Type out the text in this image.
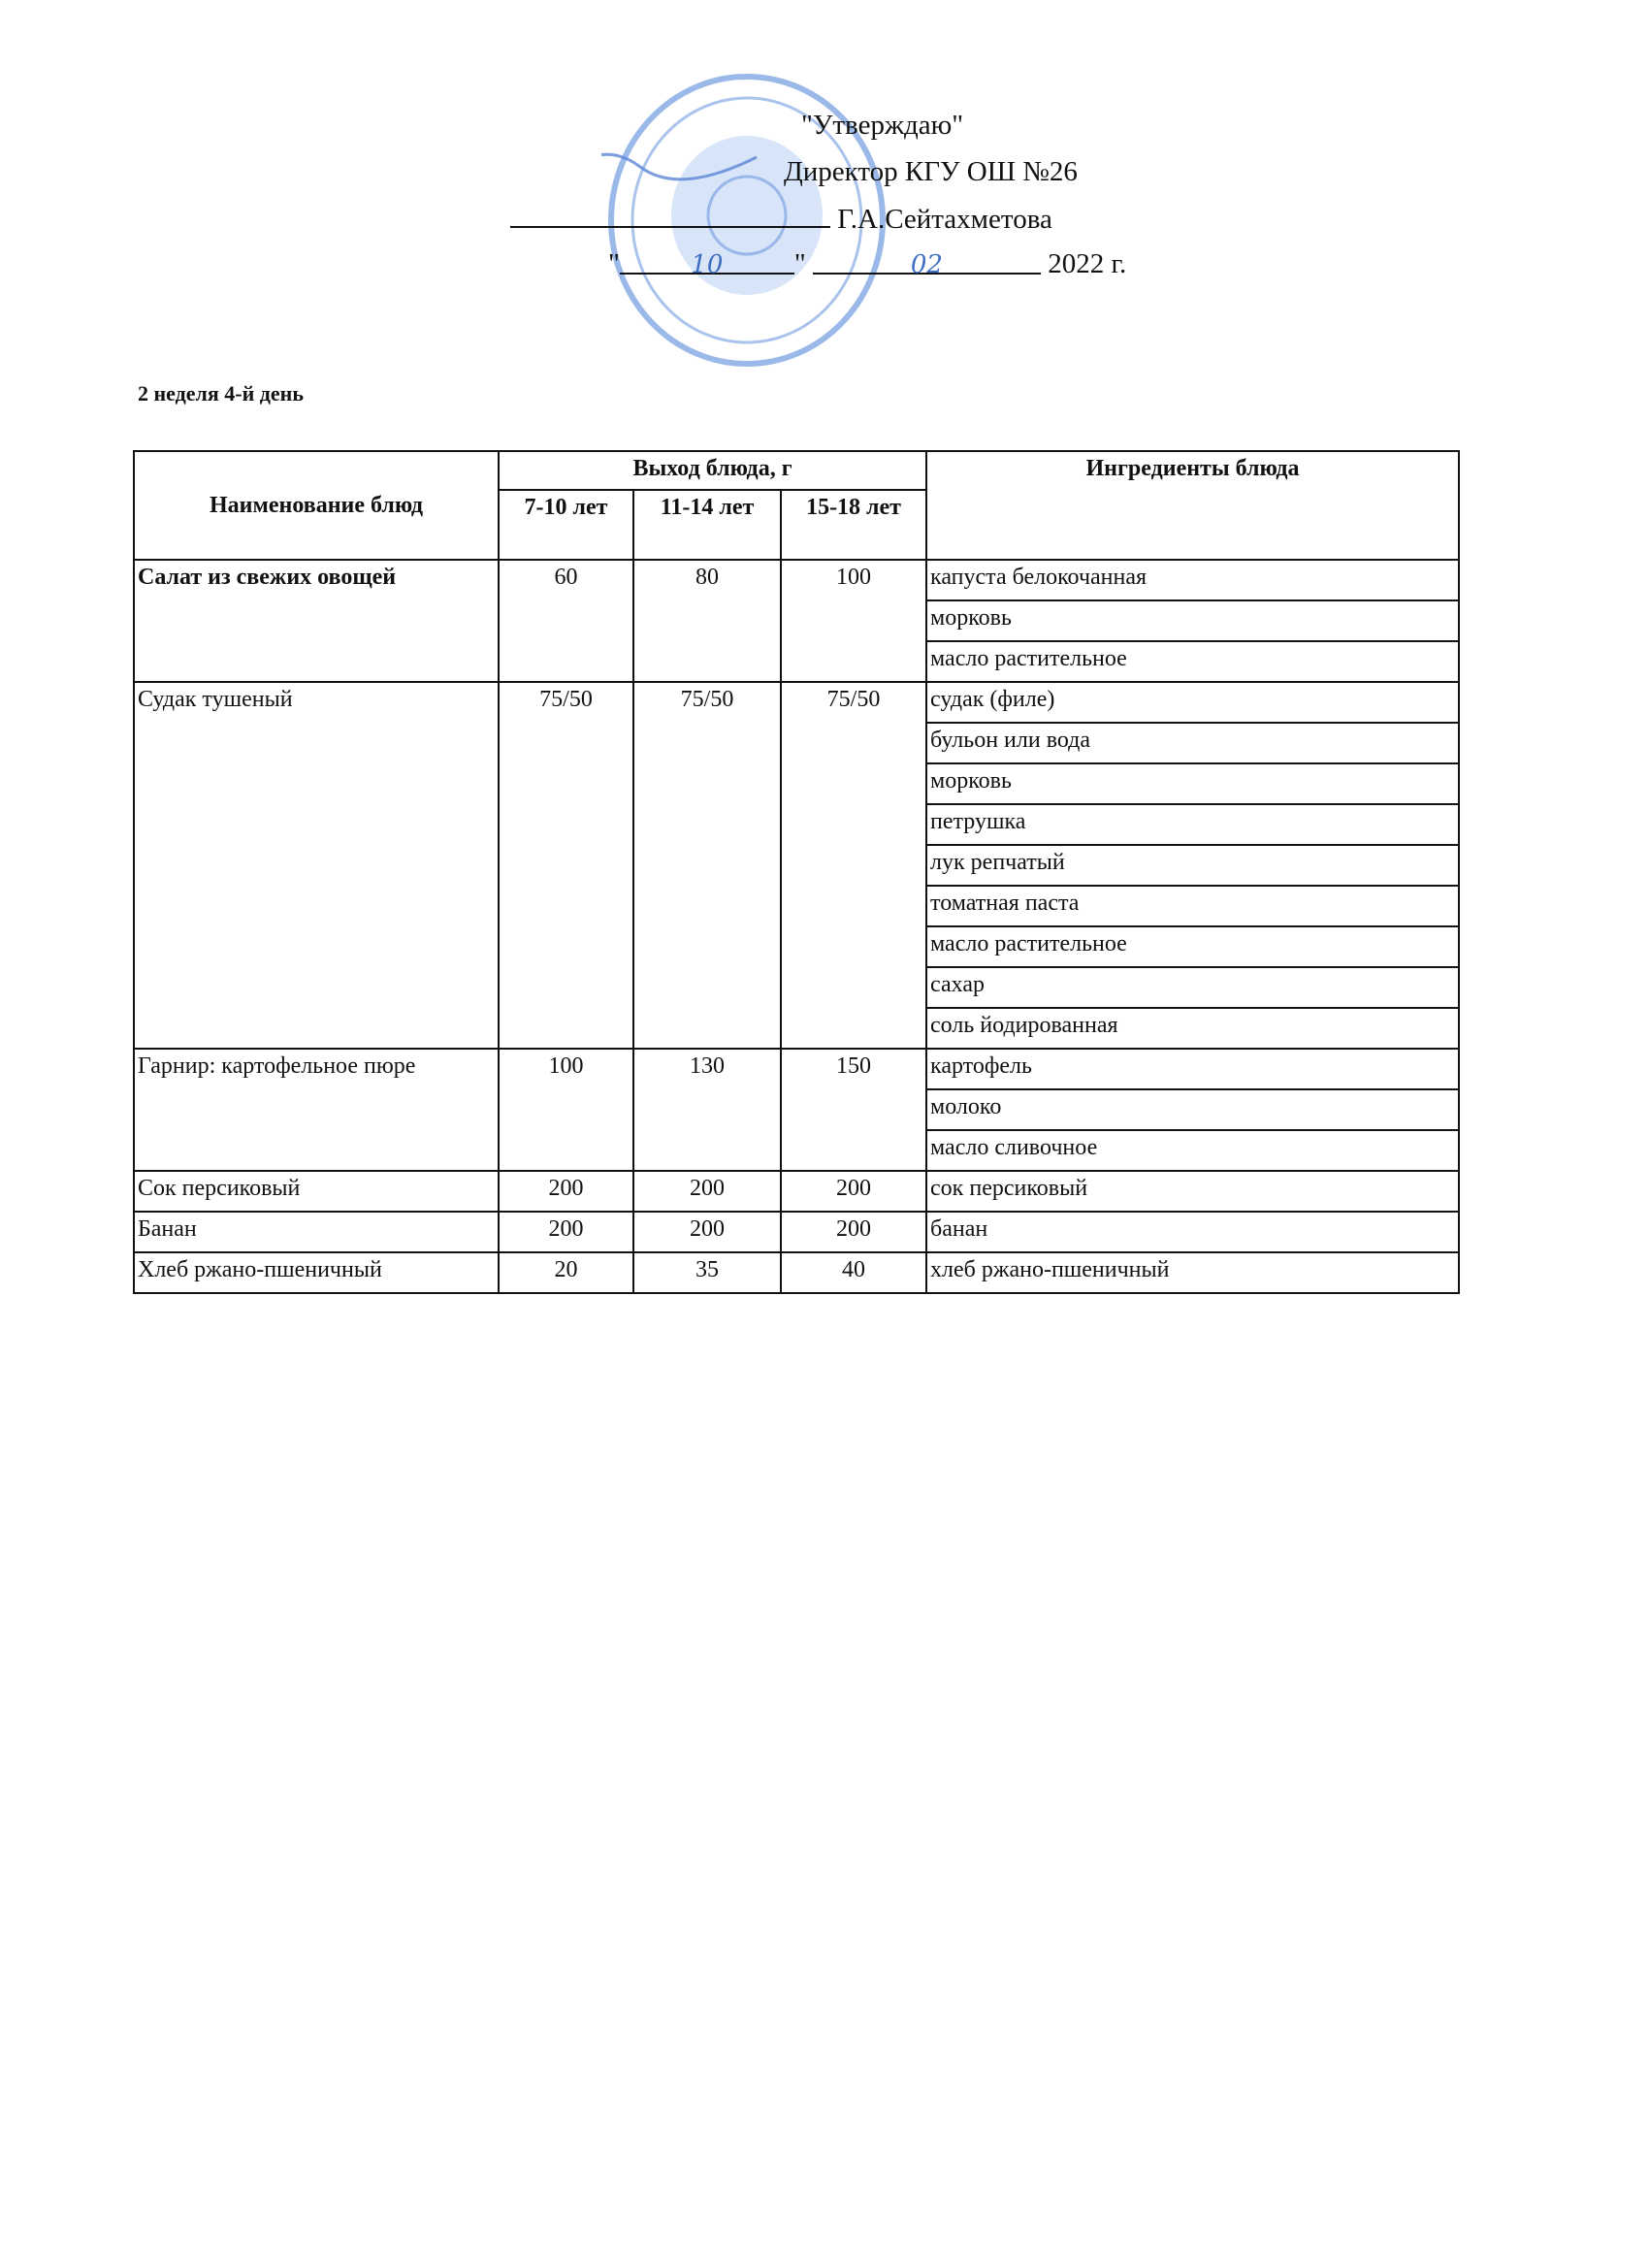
"Утверждаю"
Директор КГУ ОШ №26
Г.А.Сейтахметова
"	10	"	02	2022 г.
2 неделя 4-й день
Наименование блюд	Выход блюда, г			Ингредиенты блюда
	7-10 лет	11-14 лет	15-18 лет	
Салат из свежих овощей	60	80	100	капуста белокочанная
				морковь
				масло растительное
Судак тушеный	75/50	75/50	75/50	судак (филе)
				бульон или вода
				морковь
				петрушка
				лук репчатый
				томатная паста
				масло растительное
				сахар
				соль йодированная
Гарнир: картофельное пюре	100	130	150	картофель
				молоко
				масло сливочное
Сок персиковый	200	200	200	сок персиковый
Банан	200	200	200	банан
Хлеб ржано-пшеничный	20	35	40	хлеб ржано-пшеничный
